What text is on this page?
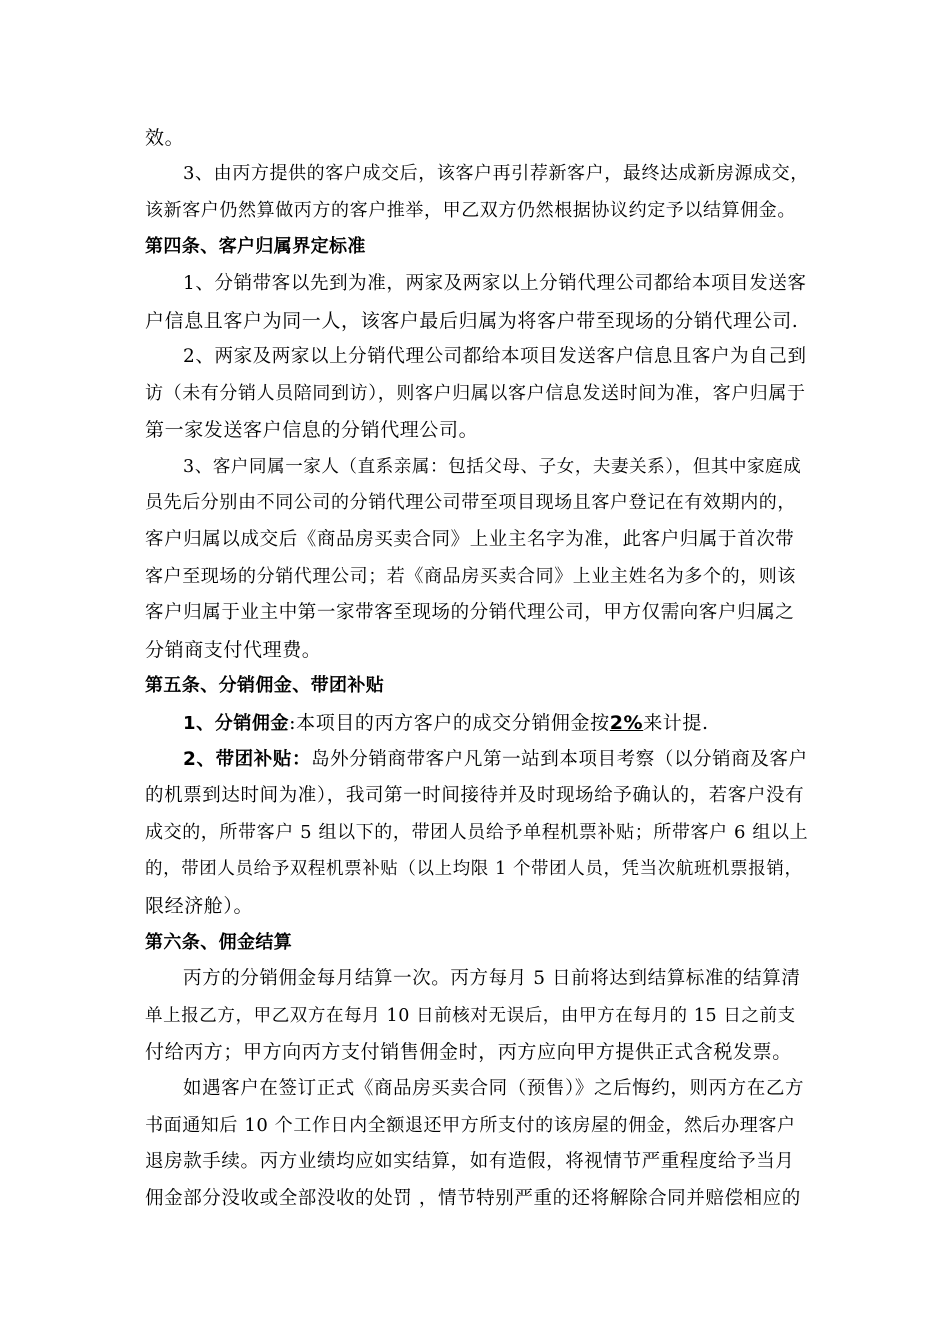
效。
3、由丙方提供的客户成交后，该客户再引荐新客户，最终达成新房源成交，
该新客户仍然算做丙方的客户推举，甲乙双方仍然根据协议约定予以结算佣金。
第四条、客户归属界定标准
1、分销带客以先到为准，两家及两家以上分销代理公司都给本项目发送客
户信息且客户为同一人，该客户最后归属为将客户带至现场的分销代理公司.
2、两家及两家以上分销代理公司都给本项目发送客户信息且客户为自己到
访（未有分销人员陪同到访），则客户归属以客户信息发送时间为准，客户归属于
第一家发送客户信息的分销代理公司。
3、客户同属一家人（直系亲属：包括父母、子女，夫妻关系），但其中家庭成
员先后分别由不同公司的分销代理公司带至项目现场且客户登记在有效期内的，
客户归属以成交后《商品房买卖合同》上业主名字为准，此客户归属于首次带
客户至现场的分销代理公司；若《商品房买卖合同》上业主姓名为多个的，则该
客户归属于业主中第一家带客至现场的分销代理公司，甲方仅需向客户归属之
分销商支付代理费。
第五条、分销佣金、带团补贴
1、分销佣金:本项目的丙方客户的成交分销佣金按2%来计提.
2、带团补贴：岛外分销商带客户凡第一站到本项目考察（以分销商及客户
的机票到达时间为准），我司第一时间接待并及时现场给予确认的，若客户没有
成交的，所带客户 5 组以下的，带团人员给予单程机票补贴；所带客户 6 组以上
的，带团人员给予双程机票补贴（以上均限 1 个带团人员，凭当次航班机票报销，
限经济舱）。
第六条、佣金结算
丙方的分销佣金每月结算一次。丙方每月 5 日前将达到结算标准的结算清
单上报乙方，甲乙双方在每月 10 日前核对无误后，由甲方在每月的 15 日之前支
付给丙方；甲方向丙方支付销售佣金时，丙方应向甲方提供正式含税发票。
如遇客户在签订正式《商品房买卖合同（预售）》之后悔约，则丙方在乙方
书面通知后 10 个工作日内全额退还甲方所支付的该房屋的佣金，然后办理客户
退房款手续。丙方业绩均应如实结算，如有造假，将视情节严重程度给予当月
佣金部分没收或全部没收的处罚 ，情节特别严重的还将解除合同并赔偿相应的
